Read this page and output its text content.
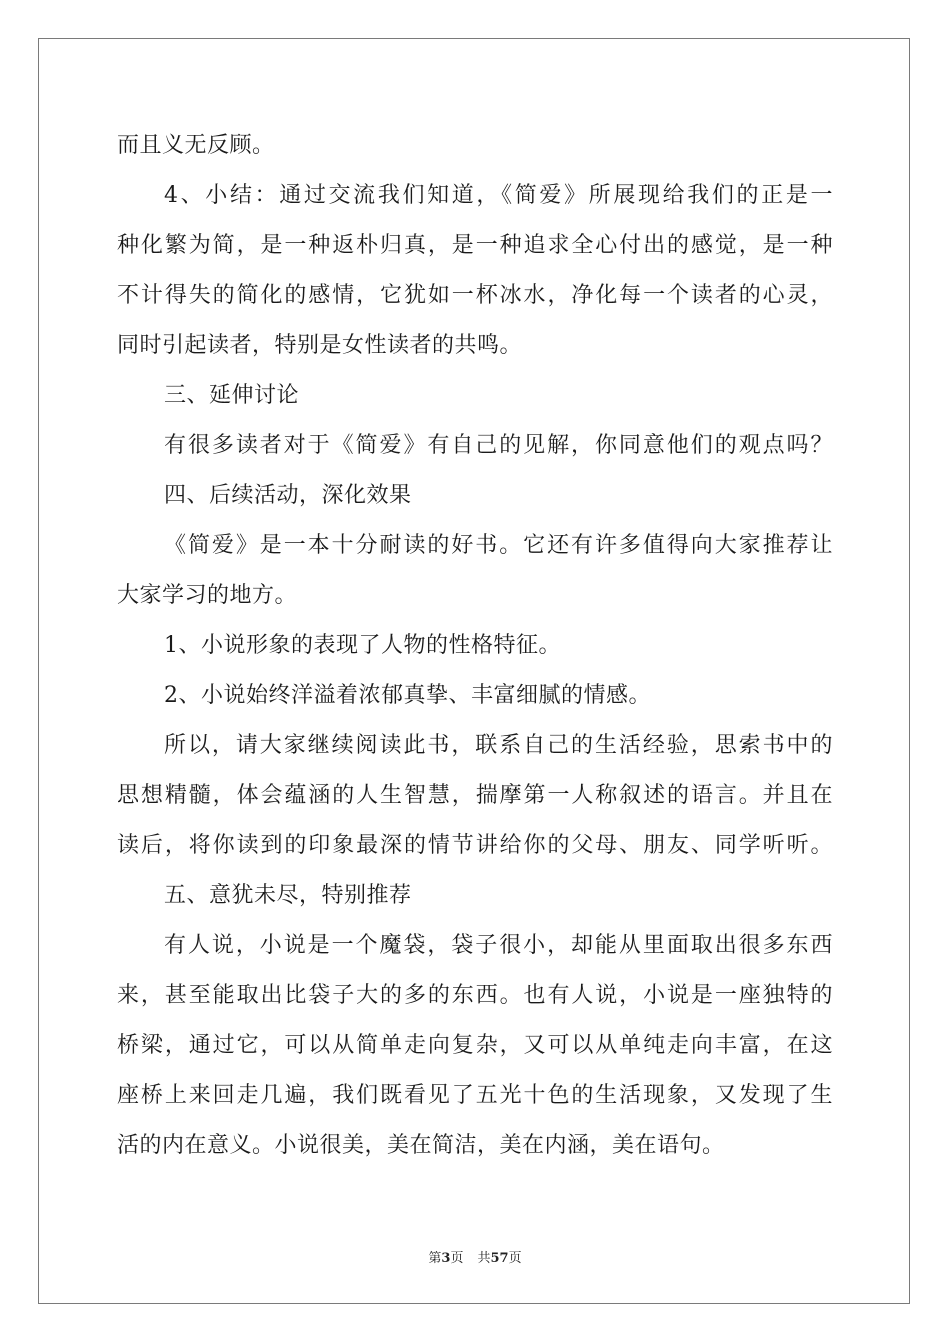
而且义无反顾。
4、小结：通过交流我们知道，《简爱》所展现给我们的正是一
种化繁为简，是一种返朴归真，是一种追求全心付出的感觉，是一种
不计得失的简化的感情，它犹如一杯冰水，净化每一个读者的心灵，
同时引起读者，特别是女性读者的共鸣。
三、延伸讨论
有很多读者对于《简爱》有自己的见解，你同意他们的观点吗？
四、后续活动，深化效果
《简爱》是一本十分耐读的好书。它还有许多值得向大家推荐让
大家学习的地方。
1、小说形象的表现了人物的性格特征。
2、小说始终洋溢着浓郁真挚、丰富细腻的情感。
所以，请大家继续阅读此书，联系自己的生活经验，思索书中的
思想精髓，体会蕴涵的人生智慧，揣摩第一人称叙述的语言。并且在
读后，将你读到的印象最深的情节讲给你的父母、朋友、同学听听。
五、意犹未尽，特别推荐
有人说，小说是一个魔袋，袋子很小，却能从里面取出很多东西
来，甚至能取出比袋子大的多的东西。也有人说，小说是一座独特的
桥梁，通过它，可以从简单走向复杂，又可以从单纯走向丰富，在这
座桥上来回走几遍，我们既看见了五光十色的生活现象，又发现了生
活的内在意义。小说很美，美在简洁，美在内涵，美在语句。
第3页 共57页
